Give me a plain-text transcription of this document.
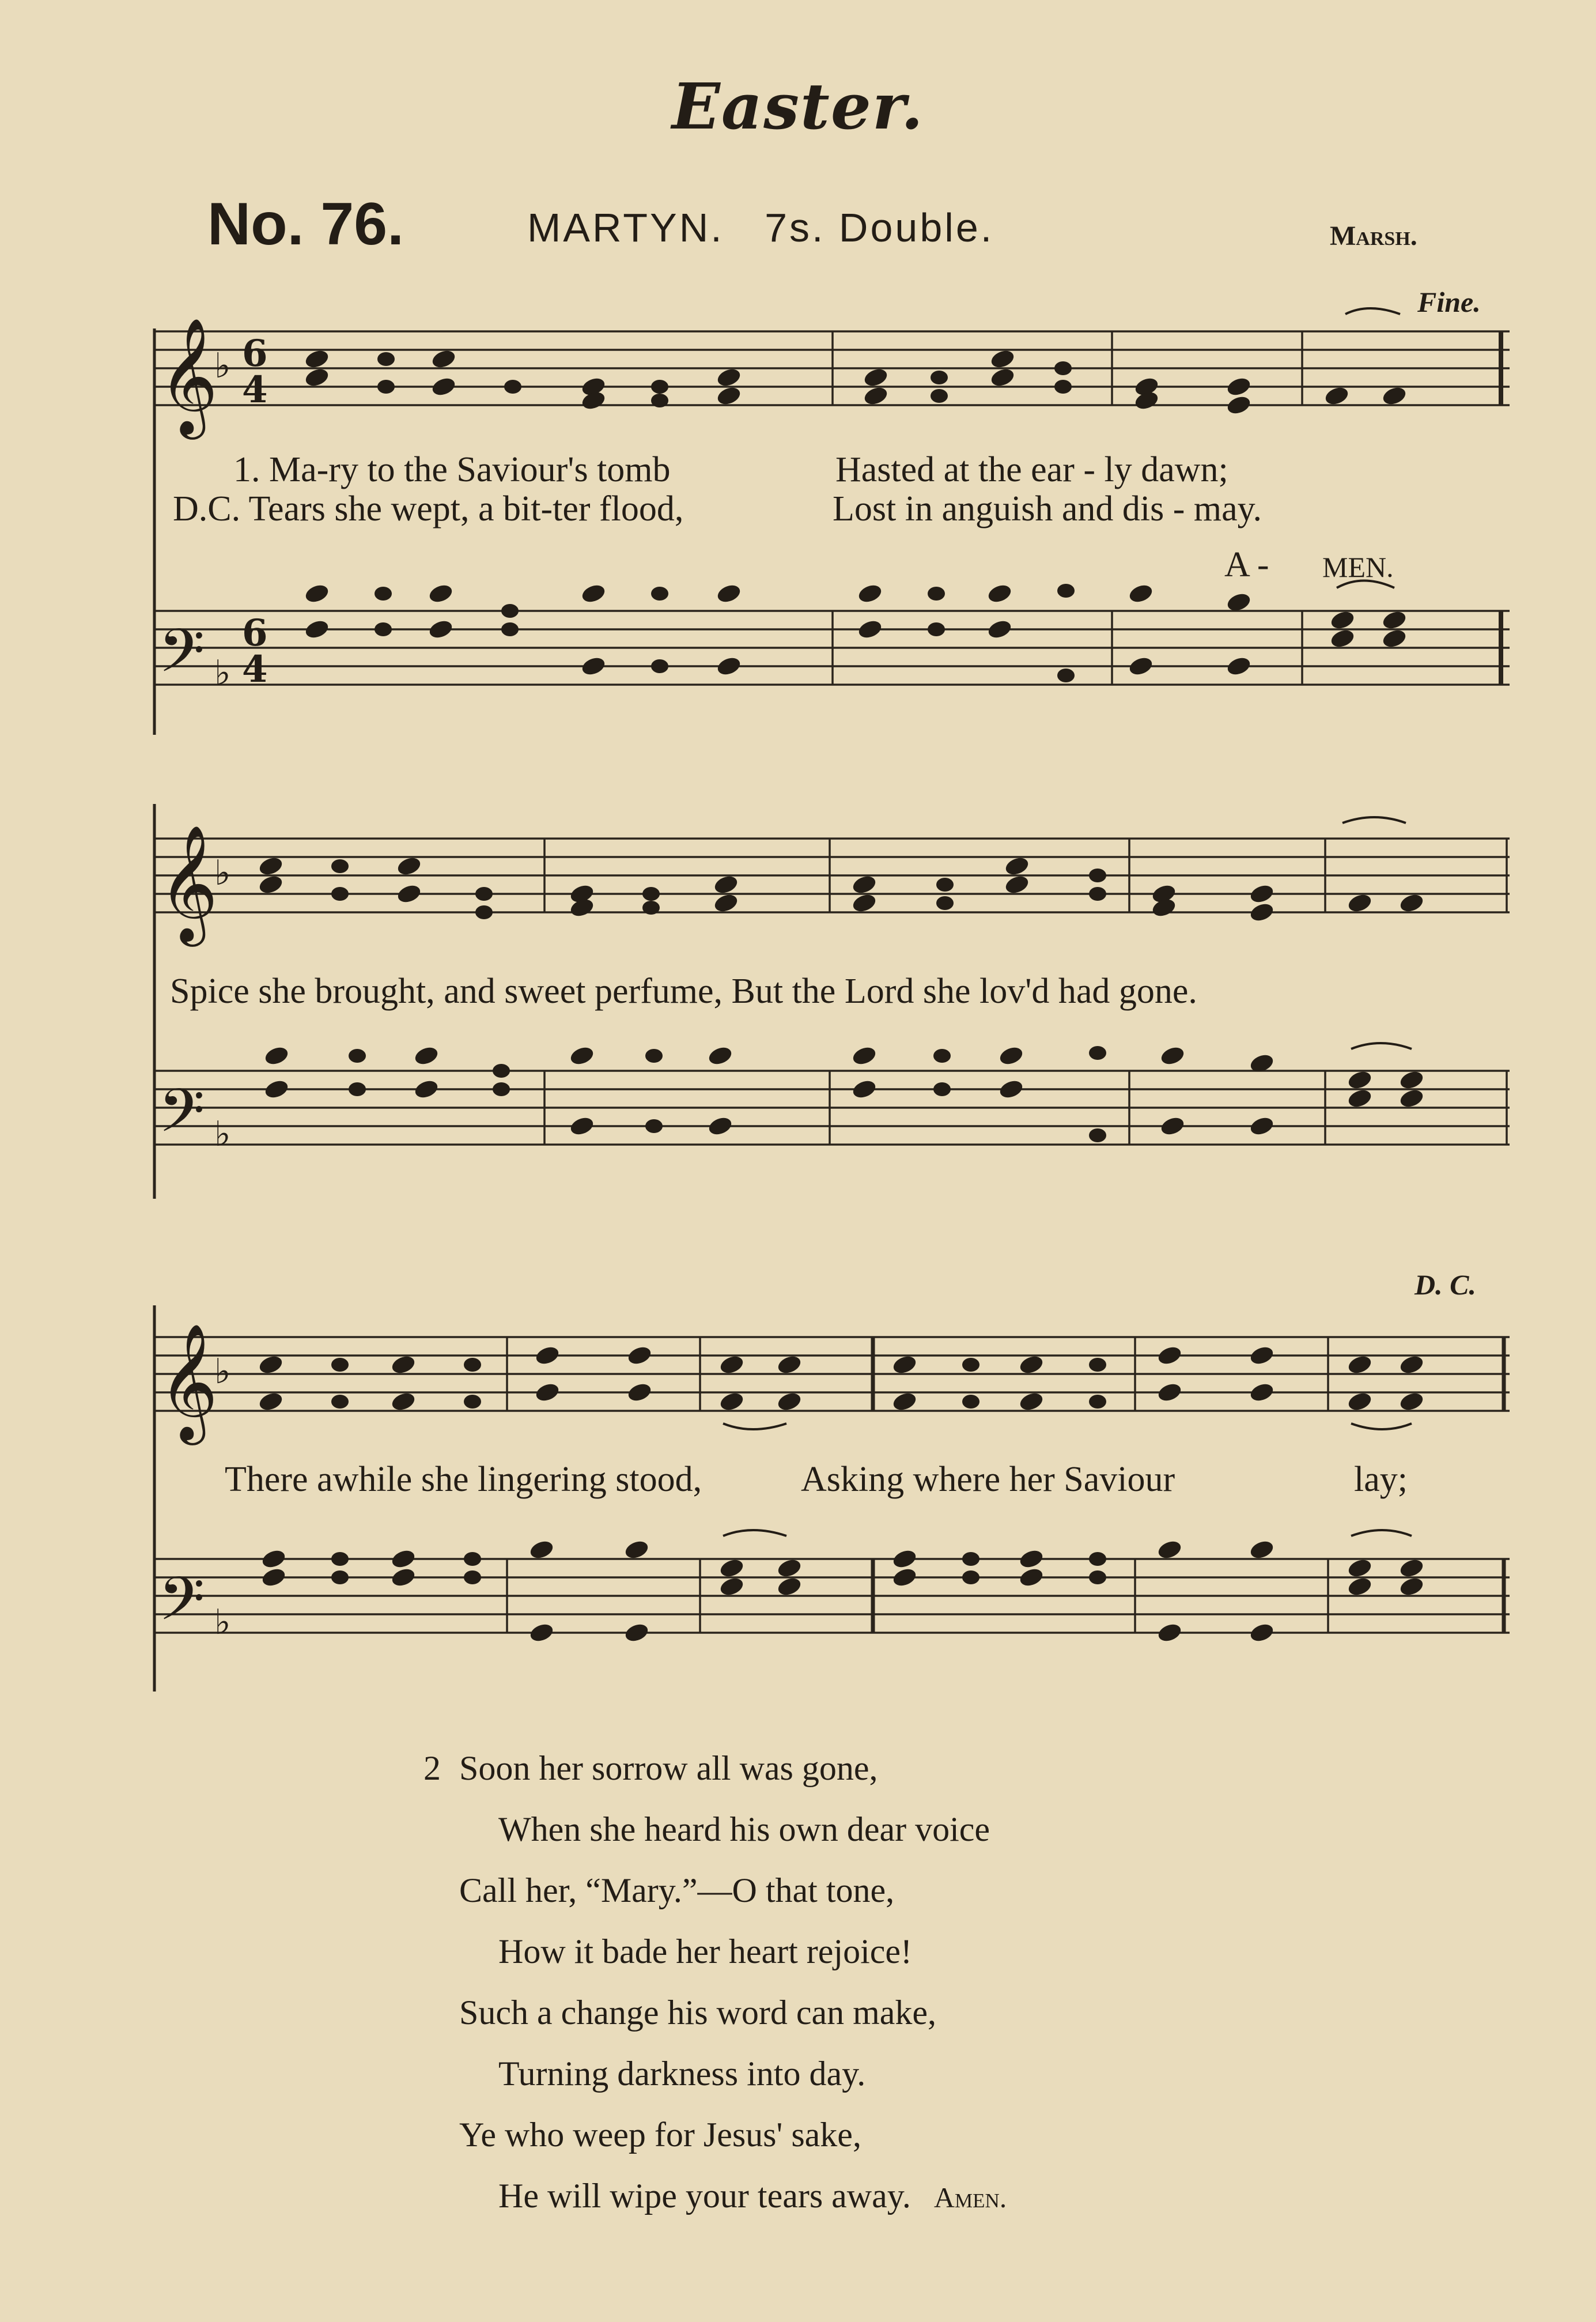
Easter.
No. 76.	MARTYN. 7s. Double.	Marsh.
𝄞
𝄢
𝄞
𝄢
𝄞
𝄢
♭
♭
♭
♭
♭
♭
6
4
6
4
Fine.
D. C.
1. Ma-ry to the Saviour's tomb	Hasted at the ear - ly dawn;
D.C. Tears she wept, a bit-ter flood,	Lost in anguish and dis - may.
A - MEN.
Spice she brought, and sweet perfume, But the Lord she lov'd had gone.
There awhile she lingering stood,	Asking where her Saviour	lay;
2 Soon her sorrow all was gone,
When she heard his own dear voice
Call her, “Mary.”—O that tone,
How it bade her heart rejoice!
Such a change his word can make,
Turning darkness into day.
Ye who weep for Jesus' sake,
He will wipe your tears away. Amen.
